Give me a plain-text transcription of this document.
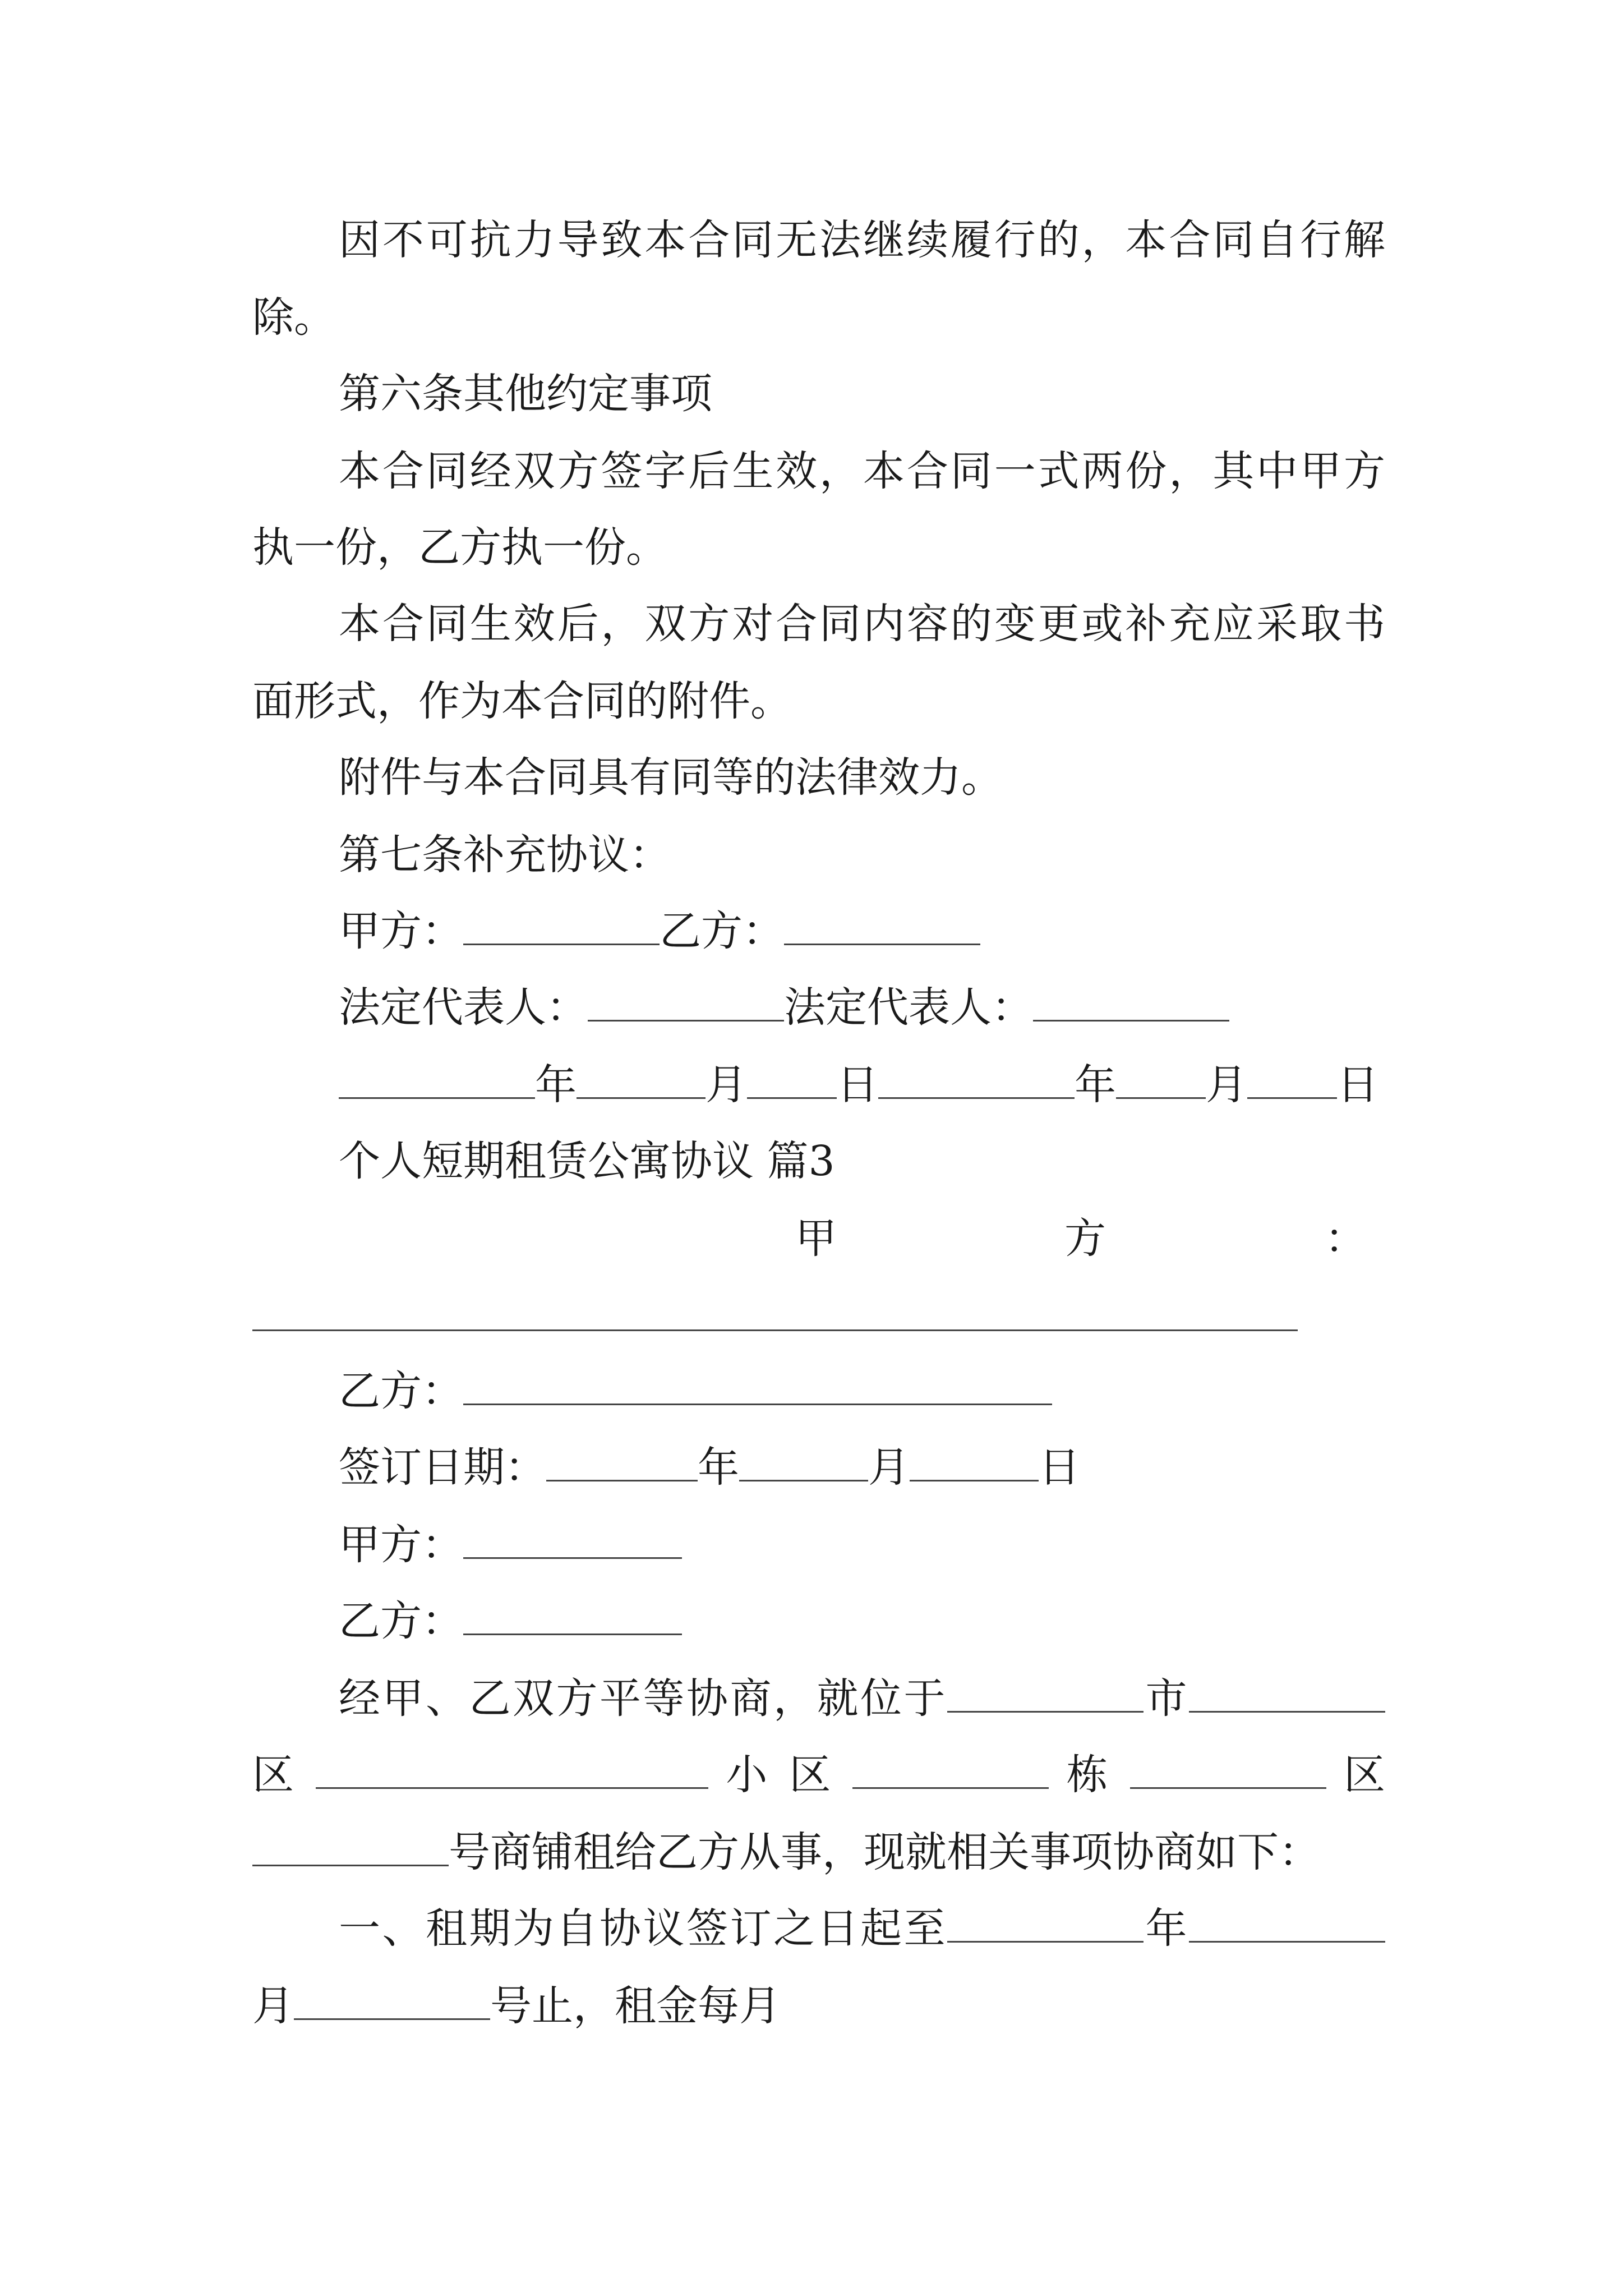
因不可抗力导致本合同无法继续履行的，本合同自行解
除。
第六条其他约定事项
本合同经双方签字后生效，本合同一式两份，其中甲方
执一份，乙方执一份。
本合同生效后，双方对合同内容的变更或补充应采取书
面形式，作为本合同的附件。
附件与本合同具有同等的法律效力。
第七条补充协议：
甲方：	乙方：
法定代表人：	法定代表人：
年	月 日	年 月 日
个人短期租赁公寓协议 篇3
甲	方	：
乙方：
签订日期：	年	月	日
甲方：
乙方：
经甲、乙双方平等协商，就位于	市
区	小 区	栋	区
号商铺租给乙方从事，现就相关事项协商如下：
一、租期为自协议签订之日起至	年
月	号止，租金每月
